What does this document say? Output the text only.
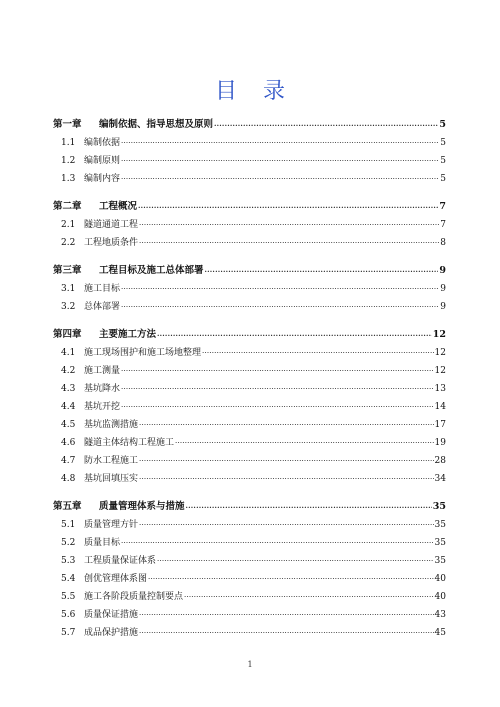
目录
第一章	编制依据、指导思想及原则 .....	5
1.1 编制依据 .....	5
1.2 编制原则 .....	5
1.3 编制内容 .....	5
第二章	工程概况 .....	7
2.1 隧道通道工程 .....	7
2.2 工程地质条件 .....	8
第三章	工程目标及施工总体部署 .....	9
3.1 施工目标 .....	9
3.2 总体部署 .....	9
第四章	主要施工方法 .....	12
4.1 施工现场围护和施工场地整理 .....	12
4.2 施工测量 .....	12
4.3 基坑降水 .....	13
4.4 基坑开挖 .....	14
4.5 基坑监测措施 .....	17
4.6 隧道主体结构工程施工 .....	19
4.7 防水工程施工 .....	28
4.8 基坑回填压实 .....	34
第五章	质量管理体系与措施 .....	35
5.1 质量管理方针 .....	35
5.2 质量目标 .....	35
5.3 工程质量保证体系 .....	35
5.4 创优管理体系图 .....	40
5.5 施工各阶段质量控制要点 .....	40
5.6 质量保证措施 .....	43
5.7 成品保护措施 .....	45
1
